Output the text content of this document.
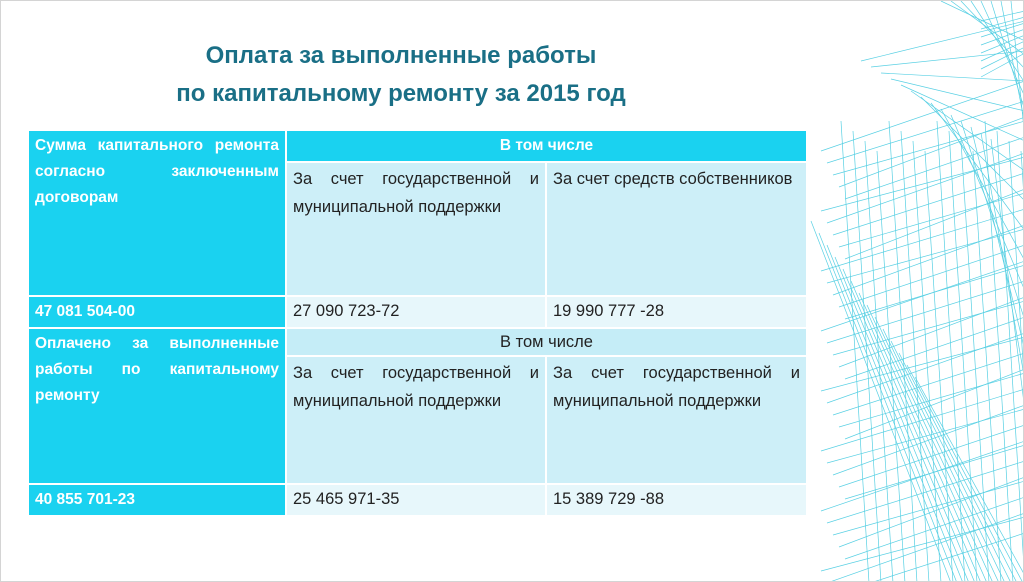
Оплата за выполненные работы
по капитальному ремонту за 2015 год
Сумма капитального ремонта согласно заключенным договорам	В том числе	
	За счет государственной и муниципальной поддержки	За счет средств собственников
47 081 504-00	27 090 723-72	19 990 777 -28
Оплачено за выполненные работы по капитальному ремонту	В том числе	
	За счет государственной и муниципальной поддержки	За счет государственной и муниципальной поддержки
40 855 701-23	25 465 971-35	15 389 729 -88
